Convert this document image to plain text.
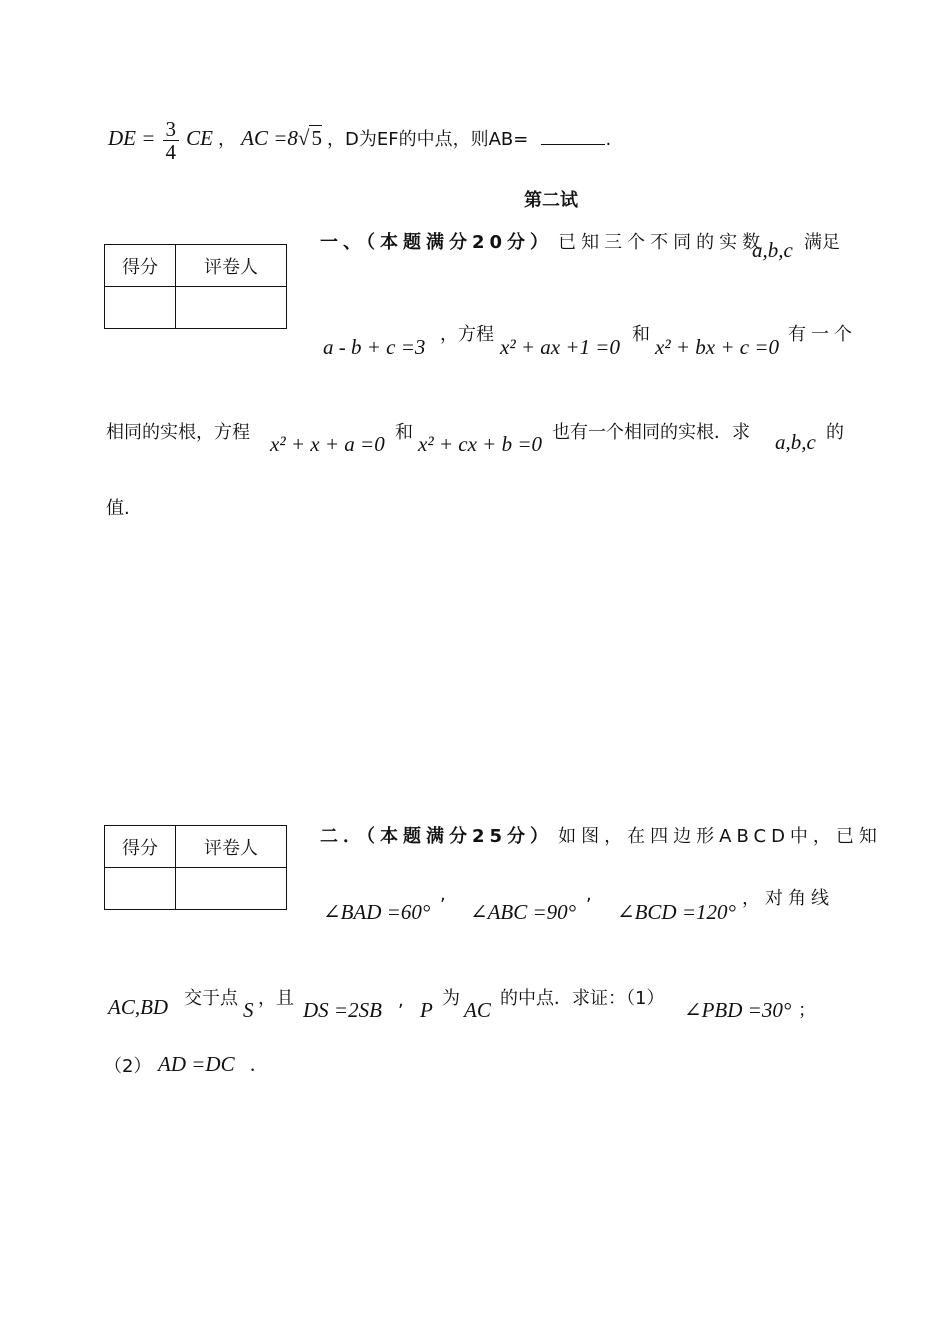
DE = $\frac{3}{4}$ CE ， AC =8√5 ，D为EF的中点，则AB=	.
第二试
得分	评卷人

一、（本题满分20分） 已知三个不同的实数
a,b,c 满足
a - b + c =3
，方程
x² + ax +1 =0
和
x² + bx + c =0
有一个
相同的实根，方程 x² + x + a =0 和 x² + cx + b =0 也有一个相同的实根．求 a,b,c 的
值.
得分	评卷人

二．（本题满分25分） 如图，在四边形ABCD中，已知
∠BAD =60°
,
∠ABC =90°
,
∠BCD =120°
，对角线
AC,BD 交于点 S ，且 DS =2SB , P 为 AC 的中点．求证：（1） ∠PBD =30° ；
（2） AD =DC .
